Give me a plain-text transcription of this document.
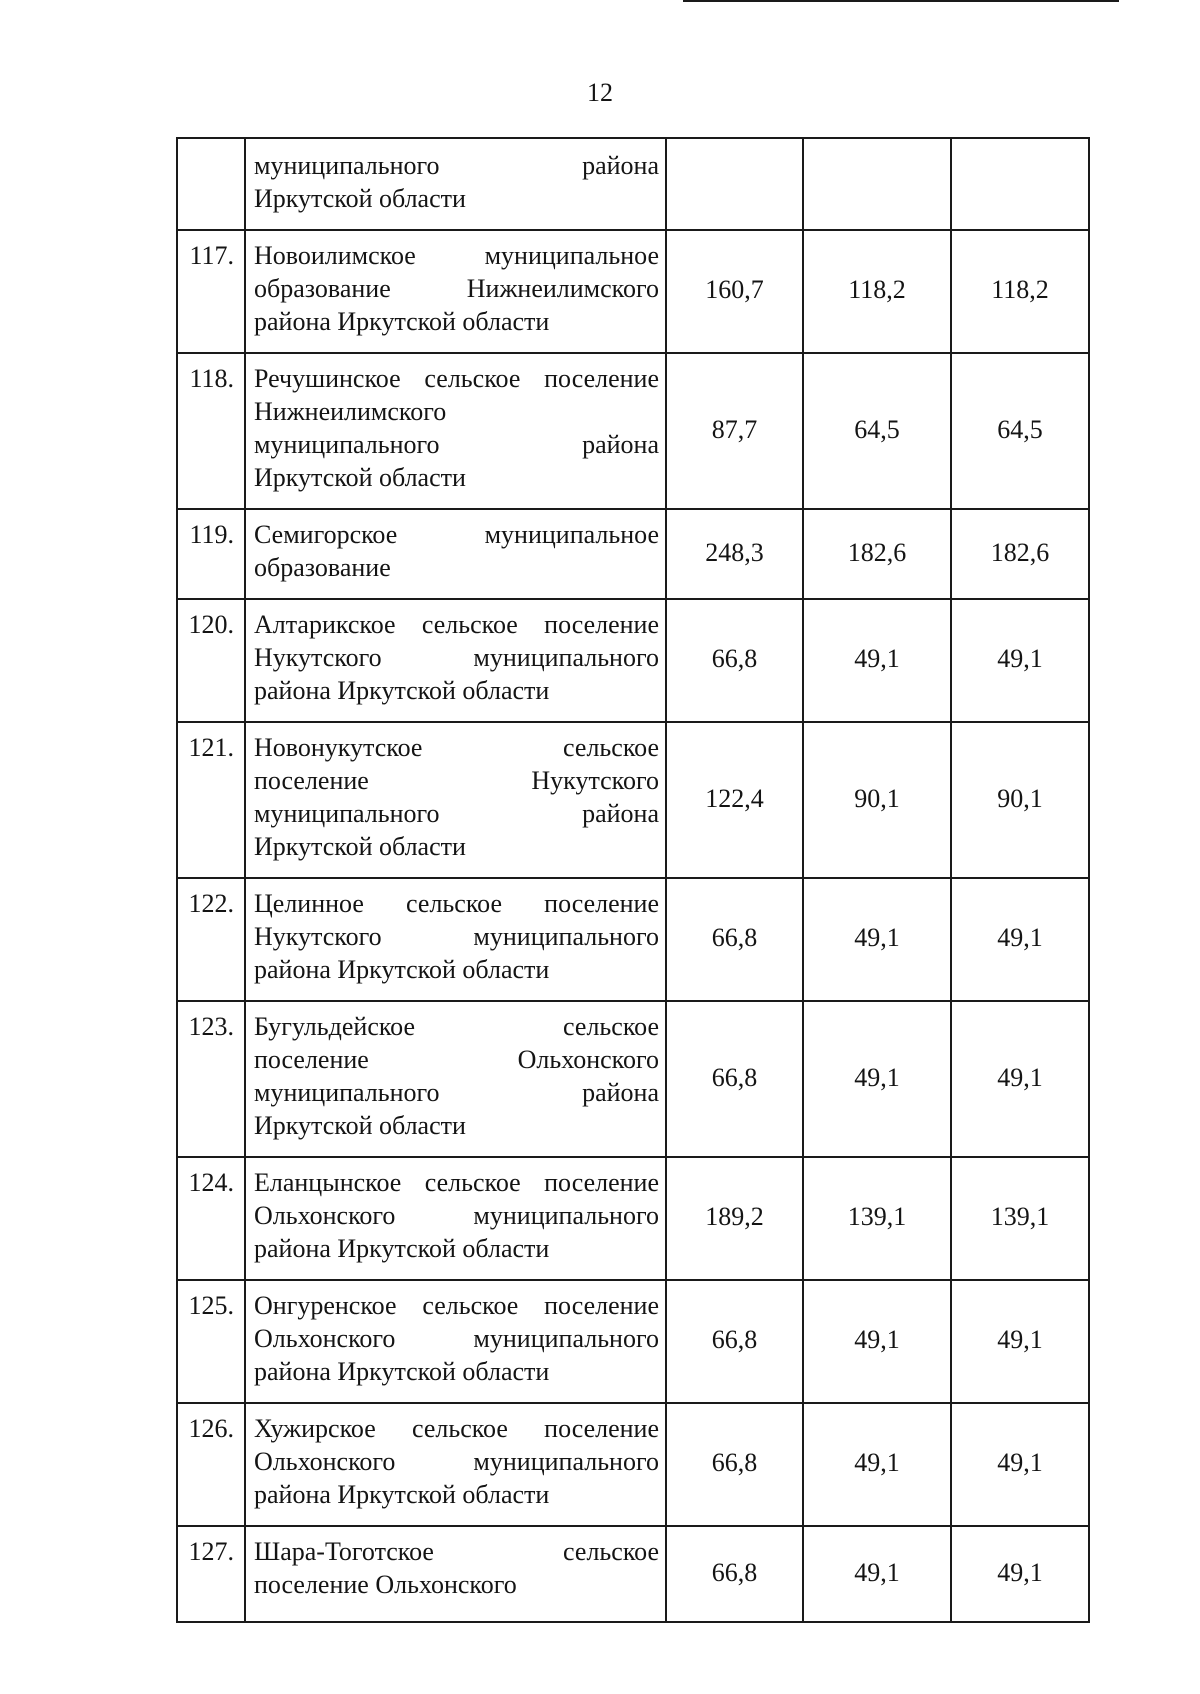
12

	муниципального района
Иркутской области			

117.	Новоилимское муниципальное
образование Нижнеилимского
района Иркутской области	160,7	118,2	118,2
118.	Речушинское сельское поселение
Нижнеилимского
муниципального района
Иркутской области	87,7	64,5	64,5
119.	Семигорское муниципальное
образование	248,3	182,6	182,6
120.	Алтарикское сельское поселение
Нукутского муниципального
района Иркутской области	66,8	49,1	49,1
121.	Новонукутское сельское
поселение Нукутского
муниципального района
Иркутской области	122,4	90,1	90,1
122.	Целинное сельское поселение
Нукутского муниципального
района Иркутской области	66,8	49,1	49,1
123.	Бугульдейское сельское
поселение Ольхонского
муниципального района
Иркутской области	66,8	49,1	49,1
124.	Еланцынское сельское поселение
Ольхонского муниципального
района Иркутской области	189,2	139,1	139,1
125.	Онгуренское сельское поселение
Ольхонского муниципального
района Иркутской области	66,8	49,1	49,1
126.	Хужирское сельское поселение
Ольхонского муниципального
района Иркутской области	66,8	49,1	49,1
127.	Шара-Тоготское сельское
поселение Ольхонского	66,8	49,1	49,1
